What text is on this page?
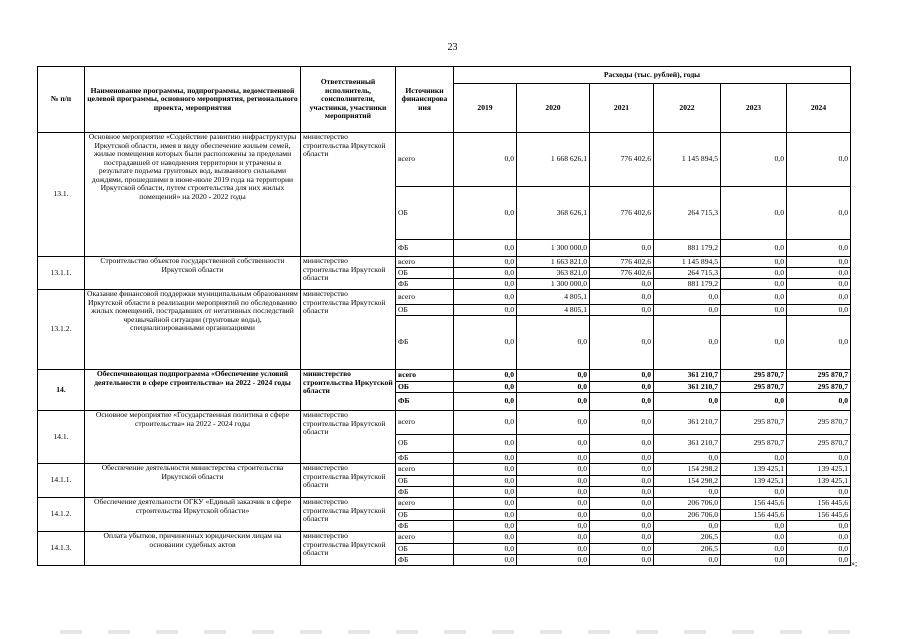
23
№ п/п	Наименование программы, подпрограммы, ведомственной целевой программы, основного мероприятия, регионального проекта, мероприятия	Ответственный исполнитель, соисполнители, участники, участники мероприятий	Источники финансирова ния	Расходы (тыс. рублей), годы					
				2019	2020	2021	2022	2023	2024
13.1.	Основное мероприятие «Содействие развитию инфраструктуры Иркутской области, имея в виду обеспечение жильем семей, жилые помещения которых были расположены за пределами пострадавшей от наводнения территории и утрачены в результате подъема грунтовых вод, вызванного сильными дождями, прошедшими в июне-июле 2019 года на территории Иркутской области, путем строительства для них жилых помещений» на 2020 - 2022 годы	министерство строительства Иркутской области	всего	0,0	1 668 626,1	776 402,6	1 145 894,5	0,0	0,0
			ОБ	0,0	368 626,1	776 402,6	264 715,3	0,0	0,0
			ФБ	0,0	1 300 000,0	0,0	881 179,2	0,0	0,0
13.1.1.	Строительство объектов государственной собственности Иркутской области	министерство строительства Иркутской области	всего	0,0	1 663 821,0	776 402,6	1 145 894,5	0,0	0,0
			ОБ	0,0	363 821,0	776 402,6	264 715,3	0,0	0,0
			ФБ	0,0	1 300 000,0	0,0	881 179,2	0,0	0,0
13.1.2.	Оказание финансовой поддержки муниципальным образованиям Иркутской области в реализации мероприятий по обследованию жилых помещений, пострадавших от негативных последствий чрезвычайной ситуации (грунтовые воды), специализированными организациями	министерство строительства Иркутской области	всего	0,0	4 805,1	0,0	0,0	0,0	0,0
			ОБ	0,0	4 805,1	0,0	0,0	0,0	0,0
			ФБ	0,0	0,0	0,0	0,0	0,0	0,0
14.	Обеспечивающая подпрограмма «Обеспечение условий деятельности в сфере строительства» на 2022 - 2024 годы	министерство строительства Иркутской области	всего	0,0	0,0	0,0	361 210,7	295 870,7	295 870,7
			ОБ	0,0	0,0	0,0	361 210,7	295 870,7	295 870,7
			ФБ	0,0	0,0	0,0	0,0	0,0	0,0
14.1.	Основное мероприятие «Государственная политика в сфере строительства» на 2022 - 2024 годы	министерство строительства Иркутской области	всего	0,0	0,0	0,0	361 210,7	295 870,7	295 870,7
			ОБ	0,0	0,0	0,0	361 210,7	295 870,7	295 870,7
			ФБ	0,0	0,0	0,0	0,0	0,0	0,0
14.1.1.	Обеспечение деятельности министерства строительства Иркутской области	министерство строительства Иркутской области	всего	0,0	0,0	0,0	154 298,2	139 425,1	139 425,1
			ОБ	0,0	0,0	0,0	154 298,2	139 425,1	139 425,1
			ФБ	0,0	0,0	0,0	0,0	0,0	0,0
14.1.2.	Обеспечение деятельности ОГКУ «Единый заказчик в сфере строительства Иркутской области»	министерство строительства Иркутской области	всего	0,0	0,0	0,0	206 706,0	156 445,6	156 445,6
			ОБ	0,0	0,0	0,0	206 706,0	156 445,6	156 445,6
			ФБ	0,0	0,0	0,0	0,0	0,0	0,0
14.1.3.	Оплата убытков, причиненных юридическим лицам на основании судебных актов	министерство строительства Иркутской области	всего	0,0	0,0	0,0	206,5	0,0	0,0
			ОБ	0,0	0,0	0,0	206,5	0,0	0,0
			ФБ	0,0	0,0	0,0	0,0	0,0	0,0 »;
